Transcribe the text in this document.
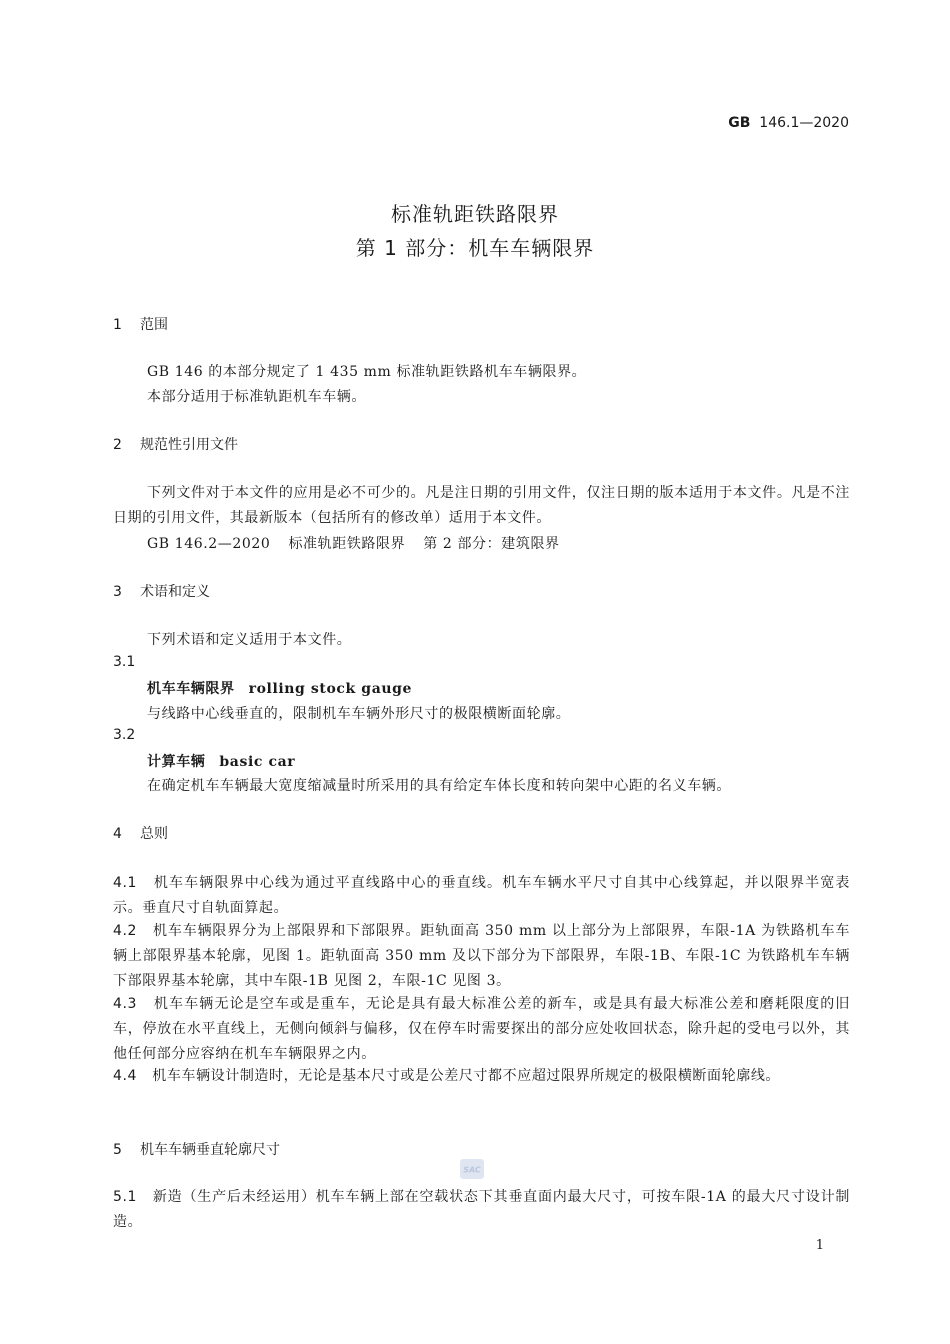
GB 146.1—2020
标准轨距铁路限界
第 1 部分：机车车辆限界
1 范围
GB 146 的本部分规定了 1 435 mm 标准轨距铁路机车车辆限界。
本部分适用于标准轨距机车车辆。
2 规范性引用文件
下列文件对于本文件的应用是必不可少的。凡是注日期的引用文件，仅注日期的版本适用于本文件。凡是不注日期的引用文件，其最新版本（包括所有的修改单）适用于本文件。
GB 146.2—2020 标准轨距铁路限界 第 2 部分：建筑限界
3 术语和定义
下列术语和定义适用于本文件。
3.1
机车车辆限界 rolling stock gauge
与线路中心线垂直的，限制机车车辆外形尺寸的极限横断面轮廓。
3.2
计算车辆 basic car
在确定机车车辆最大宽度缩减量时所采用的具有给定车体长度和转向架中心距的名义车辆。
4 总则
4.1 机车车辆限界中心线为通过平直线路中心的垂直线。机车车辆水平尺寸自其中心线算起，并以限界半宽表示。垂直尺寸自轨面算起。
4.2 机车车辆限界分为上部限界和下部限界。距轨面高 350 mm 以上部分为上部限界，车限-1A 为铁路机车车辆上部限界基本轮廓，见图 1。距轨面高 350 mm 及以下部分为下部限界，车限-1B、车限-1C 为铁路机车车辆下部限界基本轮廓，其中车限-1B 见图 2，车限-1C 见图 3。
4.3 机车车辆无论是空车或是重车，无论是具有最大标准公差的新车，或是具有最大标准公差和磨耗限度的旧车，停放在水平直线上，无侧向倾斜与偏移，仅在停车时需要探出的部分应处收回状态，除升起的受电弓以外，其他任何部分应容纳在机车车辆限界之内。
4.4 机车车辆设计制造时，无论是基本尺寸或是公差尺寸都不应超过限界所规定的极限横断面轮廓线。
5 机车车辆垂直轮廓尺寸
SAC
5.1 新造（生产后未经运用）机车车辆上部在空载状态下其垂直面内最大尺寸，可按车限-1A 的最大尺寸设计制造。
1
